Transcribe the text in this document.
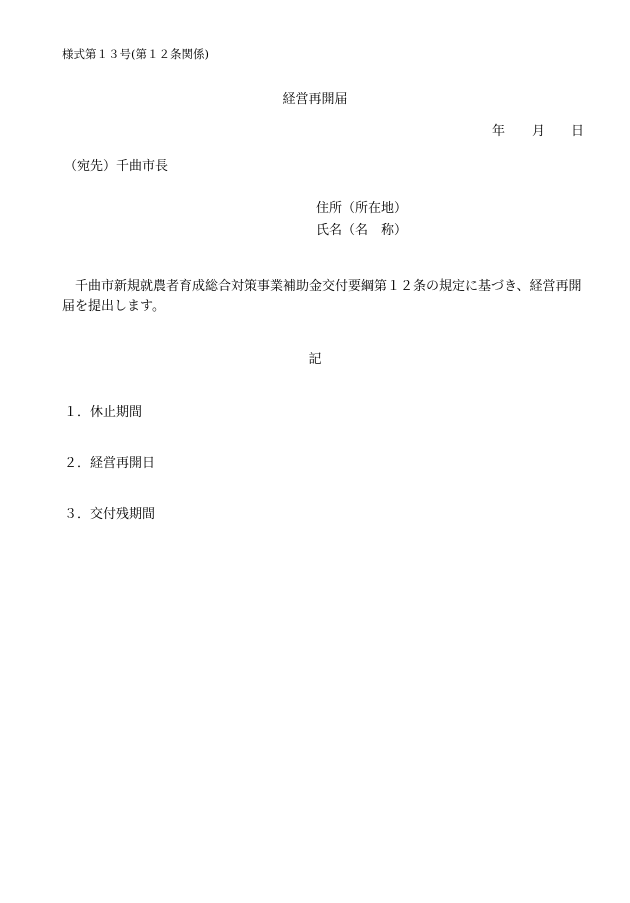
様式第１３号(第１２条関係)
経営再開届
年 月 日
（宛先）千曲市長
住所（所在地）
氏名（名　称）
千曲市新規就農者育成総合対策事業補助金交付要綱第１２条の規定に基づき、経営再開届を提出します。
記
１．休止期間
２．経営再開日
３．交付残期間
